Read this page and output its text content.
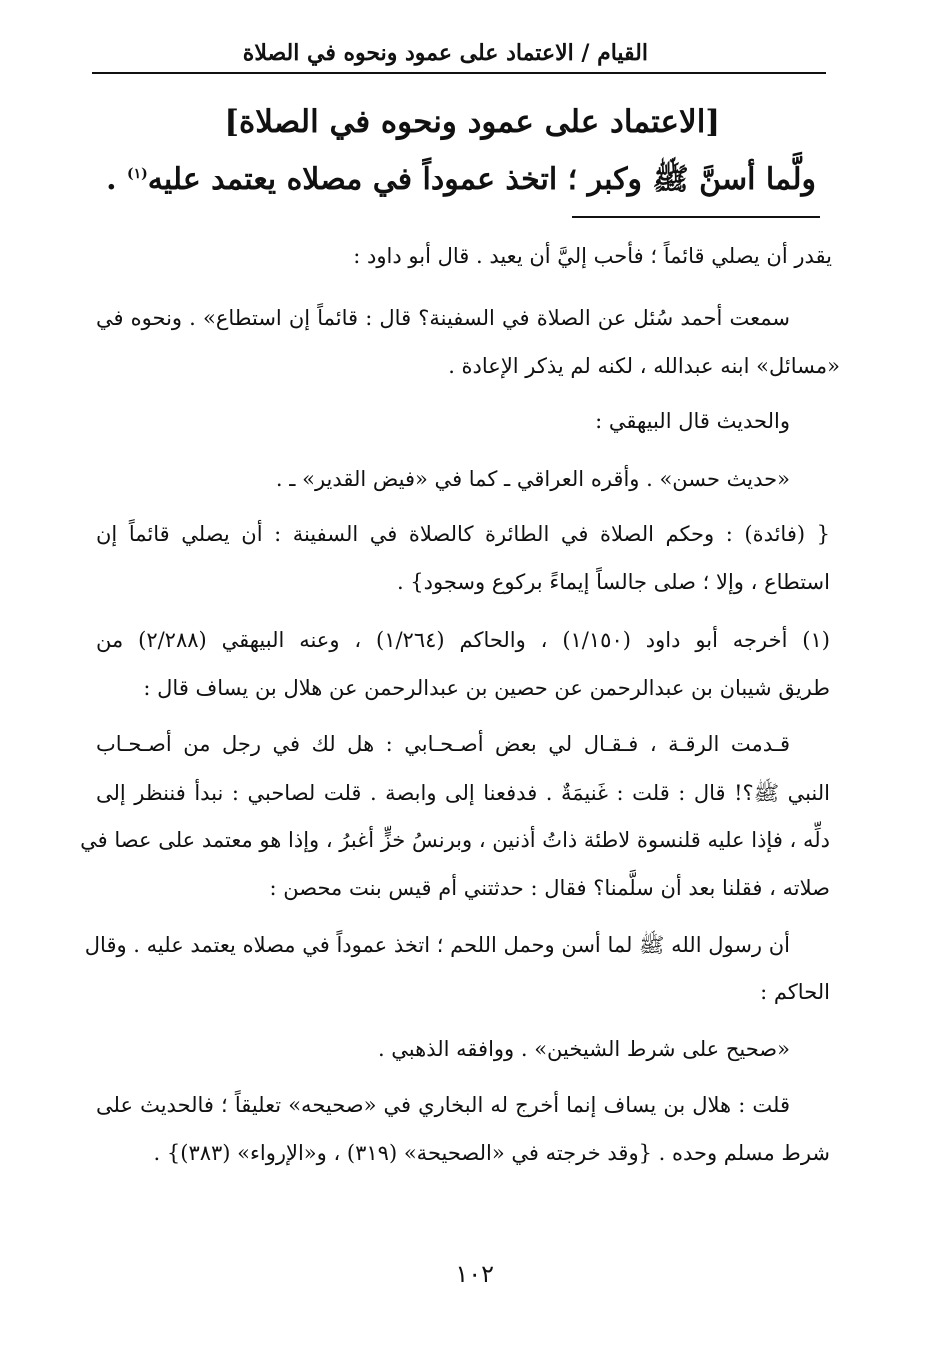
القيام / الاعتماد على عمود ونحوه في الصلاة
[الاعتماد على عمود ونحوه في الصلاة]
ولَّما أسنَّ ﷺ وكبر ؛ اتخذ عموداً في مصلاه يعتمد عليه$^{(١)}$ .
يقدر أن يصلي قائماً ؛ فأحب إليَّ أن يعيد . قال أبو داود :
سمعت أحمد سُئل عن الصلاة في السفينة؟ قال : قائماً إن استطاع» . ونحوه في
«مسائل» ابنه عبدالله ، لكنه لم يذكر الإعادة .
والحديث قال البيهقي :
«حديث حسن» . وأقره العراقي ـ كما في «فيض القدير» ـ .
{ (فائدة) : وحكم الصلاة في الطائرة كالصلاة في السفينة : أن يصلي قائماً إن
استطاع ، وإلا ؛ صلى جالساً إيماءً بركوع وسجود} .
(١) أخرجه أبو داود (١/١٥٠) ، والحاكم (١/٢٦٤) ، وعنه البيهقي (٢/٢٨٨) من
طريق شيبان بن عبدالرحمن عن حصين بن عبدالرحمن عن هلال بن يساف قال :
قـدمت الرقـة ، فـقـال لي بعض أصـحـابي : هل لك في رجل من أصـحـاب
النبي ﷺ؟! قال : قلت : غَنيمَةٌ . فدفعنا إلى وابصة . قلت لصاحبي : نبدأ فننظر إلى
دلِّه ، فإذا عليه قلنسوة لاطئة ذاتُ أذنين ، وبرنسُ خزٍّ أغبرُ ، وإذا هو معتمد على عصا في
صلاته ، فقلنا بعد أن سلَّمنا؟ فقال : حدثتني أم قيس بنت محصن :
أن رسول الله ﷺ لما أسن وحمل اللحم ؛ اتخذ عموداً في مصلاه يعتمد عليه . وقال
الحاكم :
«صحيح على شرط الشيخين» . ووافقه الذهبي .
قلت : هلال بن يساف إنما أخرج له البخاري في «صحيحه» تعليقاً ؛ فالحديث على
شرط مسلم وحده . {وقد خرجته في «الصحيحة» (٣١٩) ، و«الإرواء» (٣٨٣)} .
١٠٢
